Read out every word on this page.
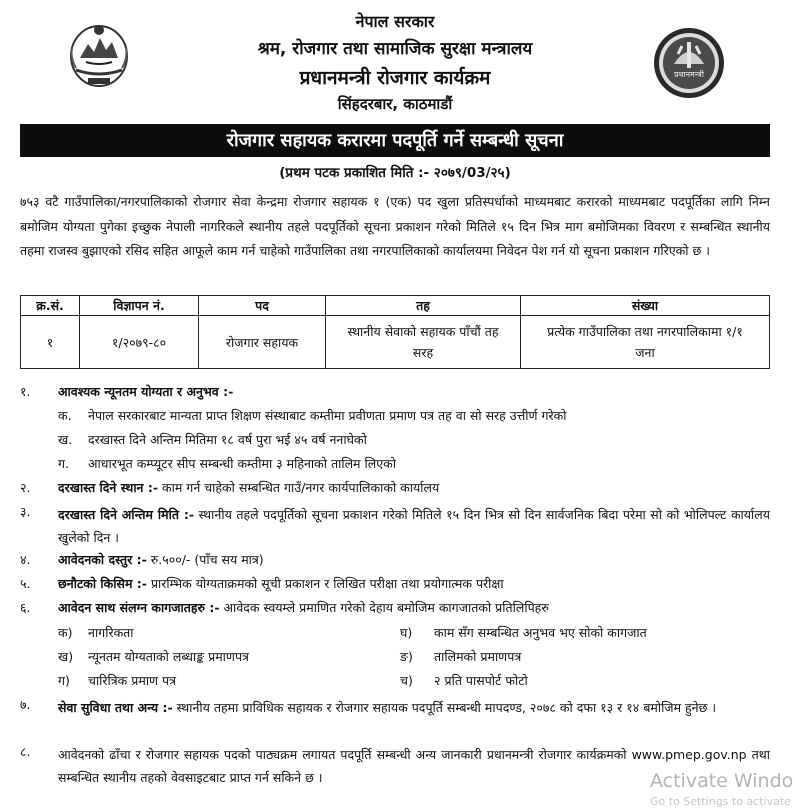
नेपाल सरकार
श्रम, रोजगार तथा सामाजिक सुरक्षा मन्त्रालय
प्रधानमन्त्री रोजगार कार्यक्रम
सिंहदरबार, काठमाडौं
प्रधानमन्त्री
रोजगार सहायक करारमा पदपूर्ति गर्ने सम्बन्धी सूचना
(प्रथम पटक प्रकाशित मिति :- २०७९/03/२५)
७५३ वटै गाउँपालिका/नगरपालिकाको रोजगार सेवा केन्द्रमा रोजगार सहायक १ (एक) पद खुला प्रतिस्पर्धाको माध्यमबाट करारको माध्यमबाट पदपूर्तिका लागि निम्न बमोजिम योग्यता पुगेका इच्छुक नेपाली नागरिकले स्थानीय तहले पदपूर्तिको सूचना प्रकाशन गरेको मितिले १५ दिन भित्र माग बमोजिमका विवरण र सम्बन्धित स्थानीय तहमा राजस्व बुझाएको रसिद सहित आफूले काम गर्न चाहेको गाउँपालिका तथा नगरपालिकाको कार्यालयमा निवेदन पेश गर्न यो सूचना प्रकाशन गरिएको छ ।
क्र.सं.	विज्ञापन नं.	पद	तह	संख्या
१	१/२०७९-८०	रोजगार सहायक	स्थानीय सेवाको सहायक पाँचौं तह सरह	प्रत्येक गाउँपालिका तथा नगरपालिकामा १/१ जना
१. आवश्यक न्यूनतम योग्यता र अनुभव :-
क. नेपाल सरकारबाट मान्यता प्राप्त शिक्षण संस्थाबाट कम्तीमा प्रवीणता प्रमाण पत्र तह वा सो सरह उत्तीर्ण गरेको
ख. दरखास्त दिने अन्तिम मितिमा १८ वर्ष पुरा भई ४५ वर्ष ननाघेको
ग. आधारभूत कम्प्यूटर सीप सम्बन्धी कम्तीमा ३ महिनाको तालिम लिएको
२. दरखास्त दिने स्थान :- काम गर्न चाहेको सम्बन्धित गाउँ/नगर कार्यपालिकाको कार्यालय
३. दरखास्त दिने अन्तिम मिति :- स्थानीय तहले पदपूर्तिको सूचना प्रकाशन गरेको मितिले १५ दिन भित्र सो दिन सार्वजनिक बिदा परेमा सो को भोलिपल्ट कार्यालय खुलेको दिन ।
४. आवेदनको दस्तुर :- रु.५००/- (पाँच सय मात्र)
५. छनौटको किसिम :- प्रारम्भिक योग्यताक्रमको सूची प्रकाशन र लिखित परीक्षा तथा प्रयोगात्मक परीक्षा
६. आवेदन साथ संलग्न कागजातहरु :- आवेदक स्वयम्ले प्रमाणित गरेको देहाय बमोजिम कागजातको प्रतिलिपिहरु
क) नागरिकता	घ) काम सँग सम्बन्धित अनुभव भए सोको कागजात
ख) न्यूनतम योग्यताको लब्धाङ्क प्रमाणपत्र	ङ) तालिमको प्रमाणपत्र
ग) चारित्रिक प्रमाण पत्र	च) २ प्रति पासपोर्ट फोटो
७. सेवा सुविधा तथा अन्य :- स्थानीय तहमा प्राविधिक सहायक र रोजगार सहायक पदपूर्ति सम्बन्धी मापदण्ड, २०७८ को दफा १३ र १४ बमोजिम हुनेछ ।
८. आवेदनको ढाँचा र रोजगार सहायक पदको पाठ्यक्रम लगायत पदपूर्ति सम्बन्धी अन्य जानकारी प्रधानमन्त्री रोजगार कार्यक्रमको www.pmep.gov.np तथा सम्बन्धित स्थानीय तहको वेवसाइटबाट प्राप्त गर्न सकिने छ ।	Activate Windo
Go to Settings to activate
